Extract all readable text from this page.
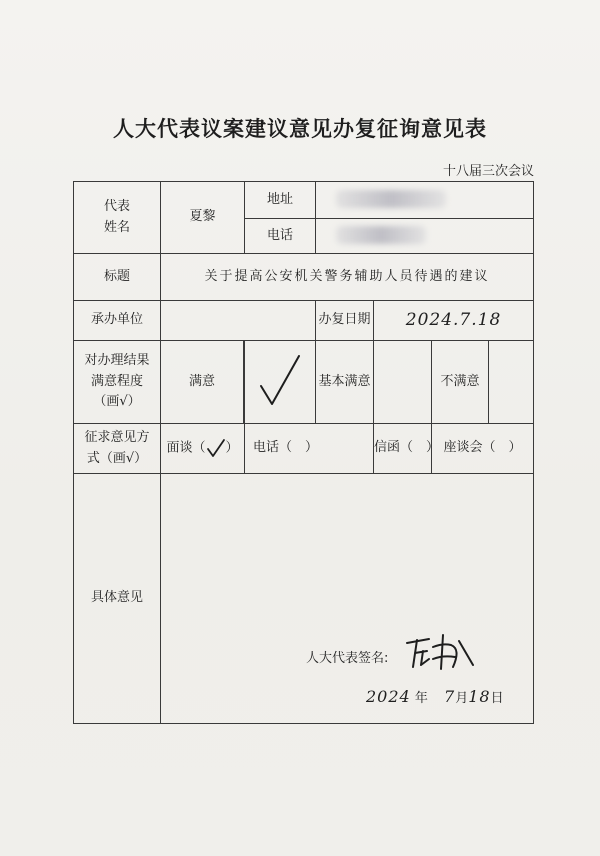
人大代表议案建议意见办复征询意见表
十八届三次会议
代表
姓名	夏黎	地址			
		电话			
标题	关于提高公安机关警务辅助人员待遇的建议				
承办单位			办复日期	2024.7.18	

对办理结果
满意程度
（画√）	满意		基本满意		不满意

征求意见方
式（画√）	面谈（ ）	电话（　）		信函（　）	座谈会（　）
具体意见	人大代表签名:
2024 年 7月18日				
